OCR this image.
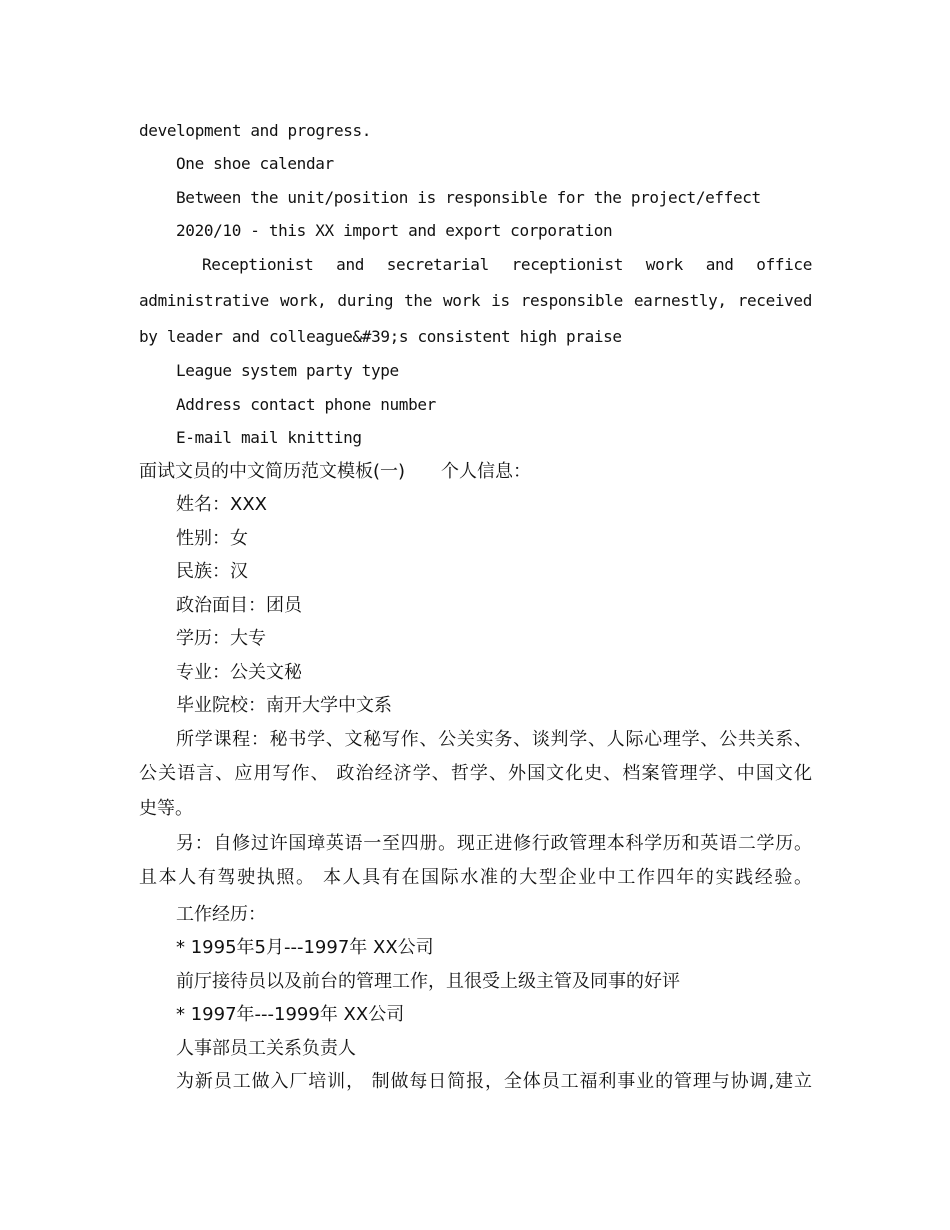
development and progress.
One shoe calendar
Between the unit/position is responsible for the project/effect
2020/10 - this XX import and export corporation
Receptionist and secretarial receptionist work and office
administrative work, during the work is responsible earnestly, received
by leader and colleague&#39;s consistent high praise
League system party type
Address contact phone number
E-mail mail knitting
面试文员的中文简历范文模板(一)　　个人信息：
姓名：XXX
性别：女
民族：汉
政治面目：团员
学历：大专
专业：公关文秘
毕业院校：南开大学中文系
所学课程：秘书学、文秘写作、公关实务、谈判学、人际心理学、公共关系、
公关语言、应用写作、 政治经济学、哲学、外国文化史、档案管理学、中国文化
史等。
另：自修过许国璋英语一至四册。现正进修行政管理本科学历和英语二学历。
且本人有驾驶执照。 本人具有在国际水准的大型企业中工作四年的实践经验。
工作经历：
* 1995年5月---1997年 XX公司
前厅接待员以及前台的管理工作，且很受上级主管及同事的好评
* 1997年---1999年 XX公司
人事部员工关系负责人
为新员工做入厂培训， 制做每日简报，全体员工福利事业的管理与协调,建立
